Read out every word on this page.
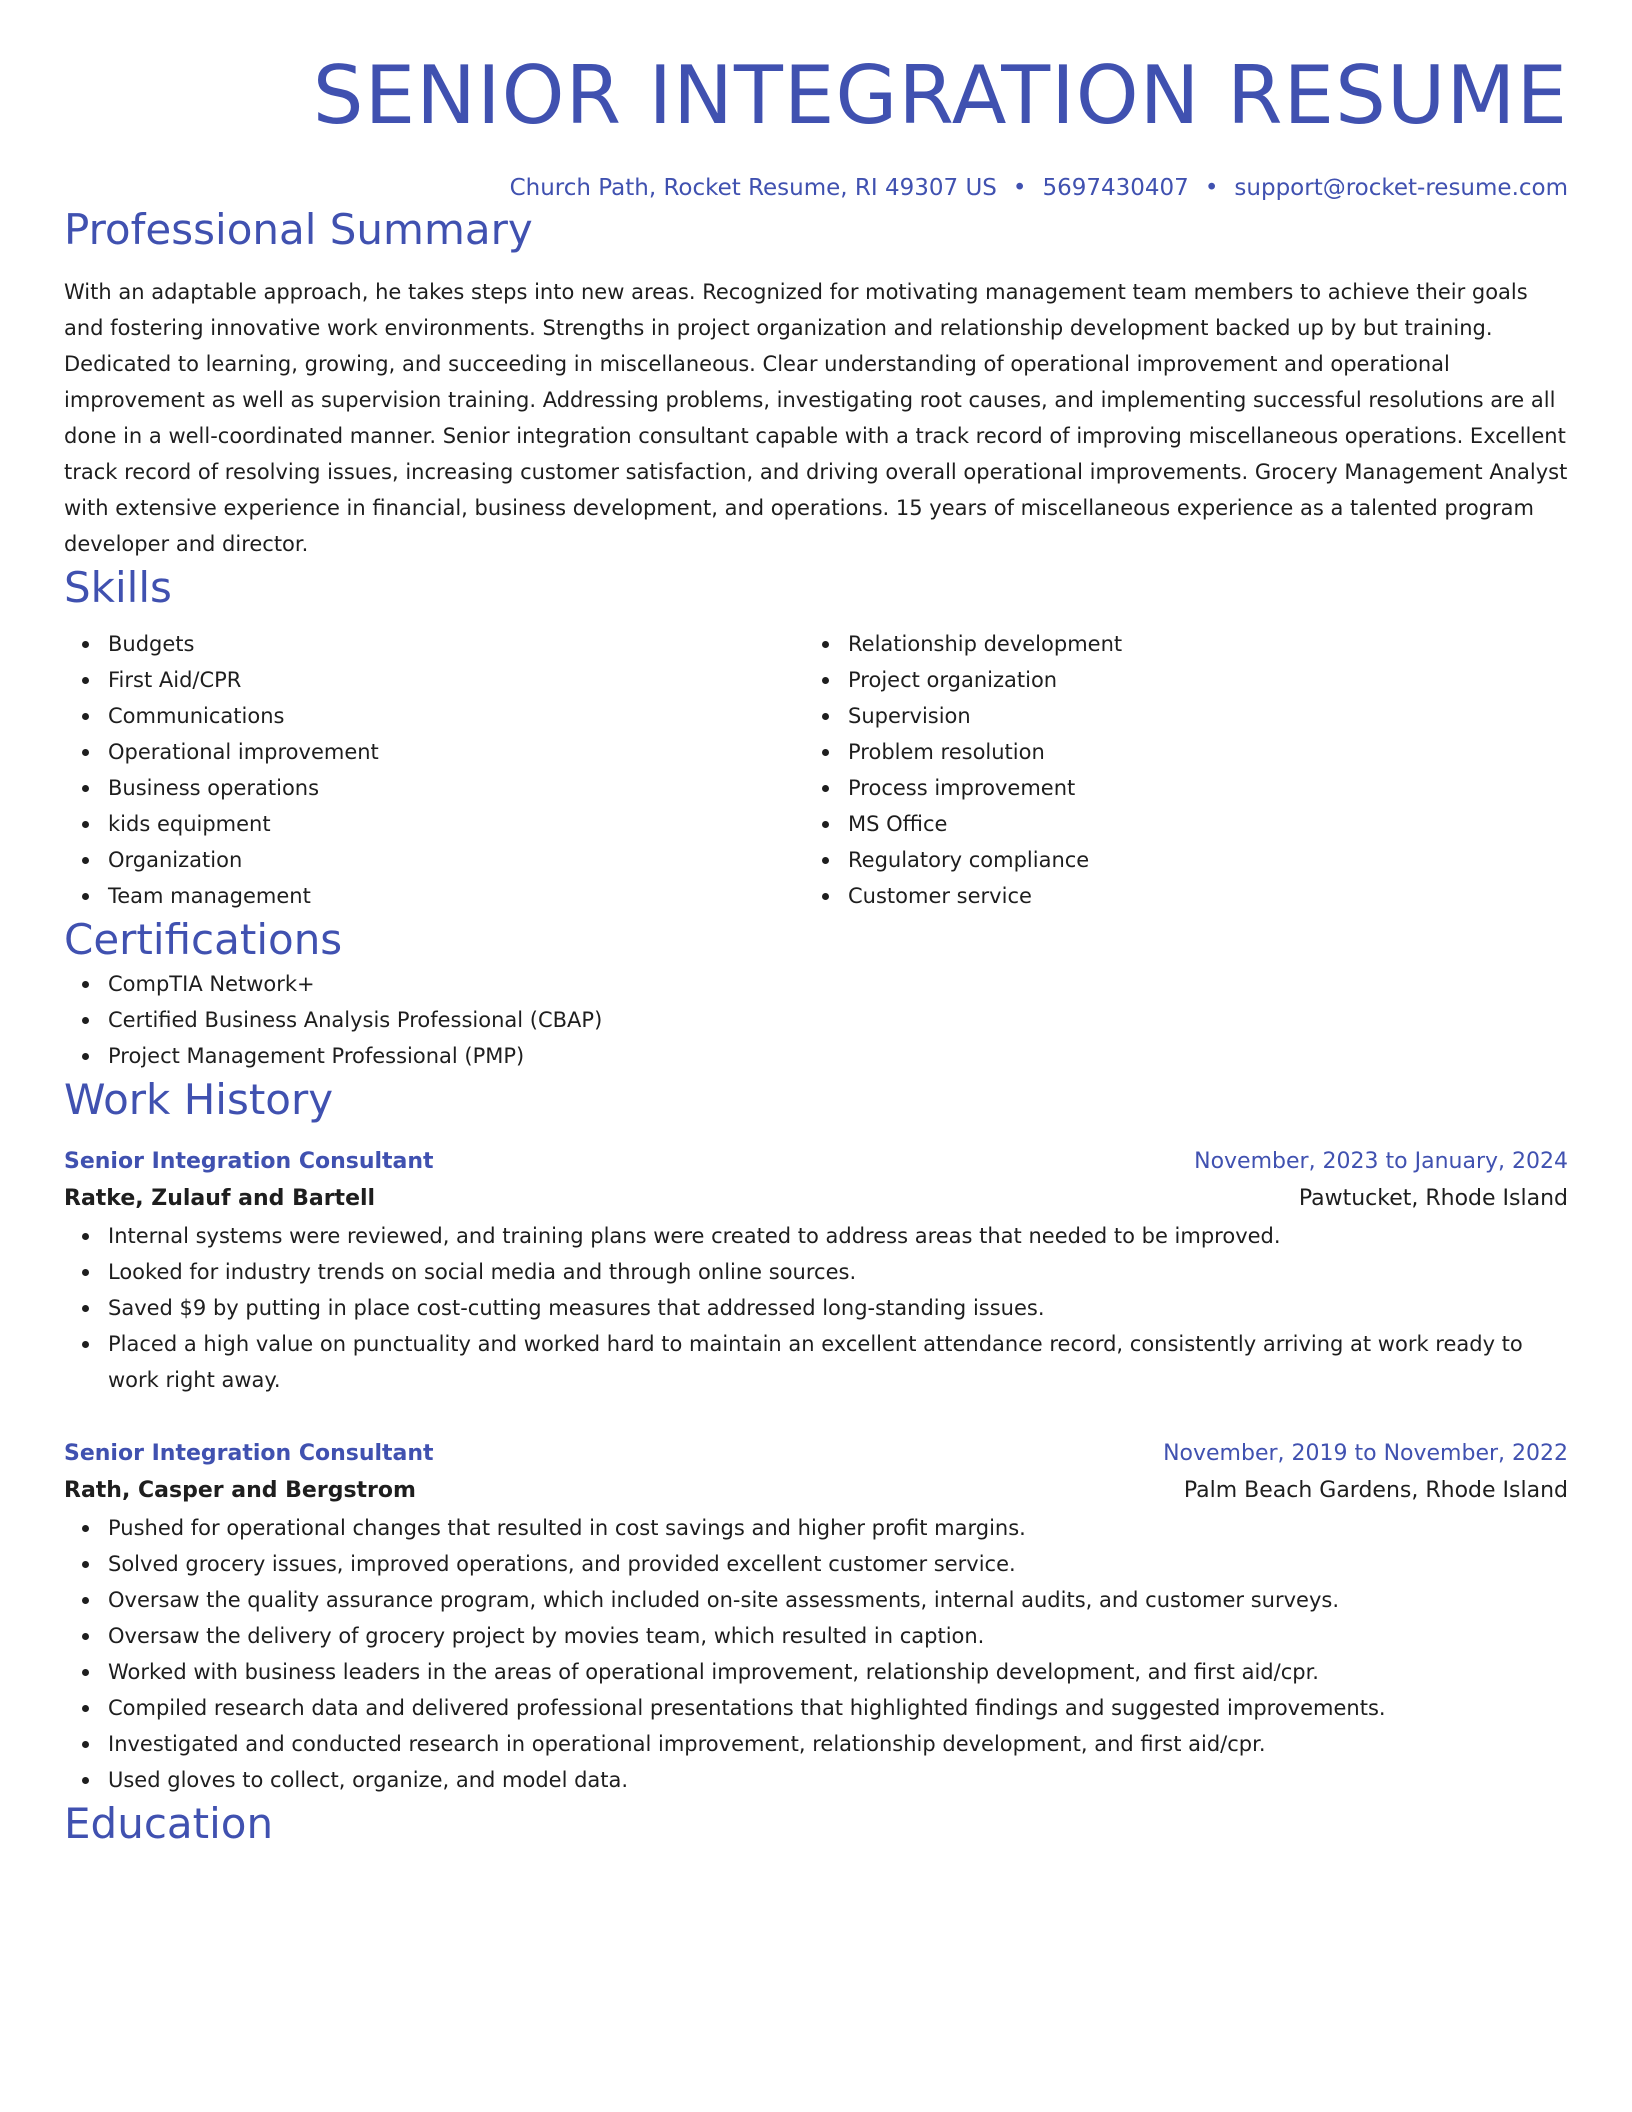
SENIOR INTEGRATION RESUME
Church Path, Rocket Resume, RI 49307 US • 5697430407 • support@rocket-resume.com
Professional Summary

With an adaptable approach, he takes steps into new areas. Recognized for motivating management team members to achieve their goals and fostering innovative work environments. Strengths in project organization and relationship development backed up by but training. Dedicated to learning, growing, and succeeding in miscellaneous. Clear understanding of operational improvement and operational improvement as well as supervision training. Addressing problems, investigating root causes, and implementing successful resolutions are all done in a well-coordinated manner. Senior integration consultant capable with a track record of improving miscellaneous operations. Excellent track record of resolving issues, increasing customer satisfaction, and driving overall operational improvements. Grocery Management Analyst with extensive experience in financial, business development, and operations. 15 years of miscellaneous experience as a talented program developer and director.

Skills
Budgets
First Aid/CPR
Communications
Operational improvement
Business operations
kids equipment
Organization
Team management
Relationship development
Project organization
Supervision
Problem resolution
Process improvement
MS Office
Regulatory compliance
Customer service
Certifications
CompTIA Network+
Certified Business Analysis Professional (CBAP)
Project Management Professional (PMP)
Work History
Senior Integration Consultant	November, 2023 to January, 2024
Ratke, Zulauf and Bartell	Pawtucket, Rhode Island
Internal systems were reviewed, and training plans were created to address areas that needed to be improved.
Looked for industry trends on social media and through online sources.
Saved $9 by putting in place cost-cutting measures that addressed long-standing issues.
Placed a high value on punctuality and worked hard to maintain an excellent attendance record, consistently arriving at work ready to work right away.
Senior Integration Consultant	November, 2019 to November, 2022
Rath, Casper and Bergstrom	Palm Beach Gardens, Rhode Island
Pushed for operational changes that resulted in cost savings and higher profit margins.
Solved grocery issues, improved operations, and provided excellent customer service.
Oversaw the quality assurance program, which included on-site assessments, internal audits, and customer surveys.
Oversaw the delivery of grocery project by movies team, which resulted in caption.
Worked with business leaders in the areas of operational improvement, relationship development, and first aid/cpr.
Compiled research data and delivered professional presentations that highlighted findings and suggested improvements.
Investigated and conducted research in operational improvement, relationship development, and first aid/cpr.
Used gloves to collect, organize, and model data.
Education
